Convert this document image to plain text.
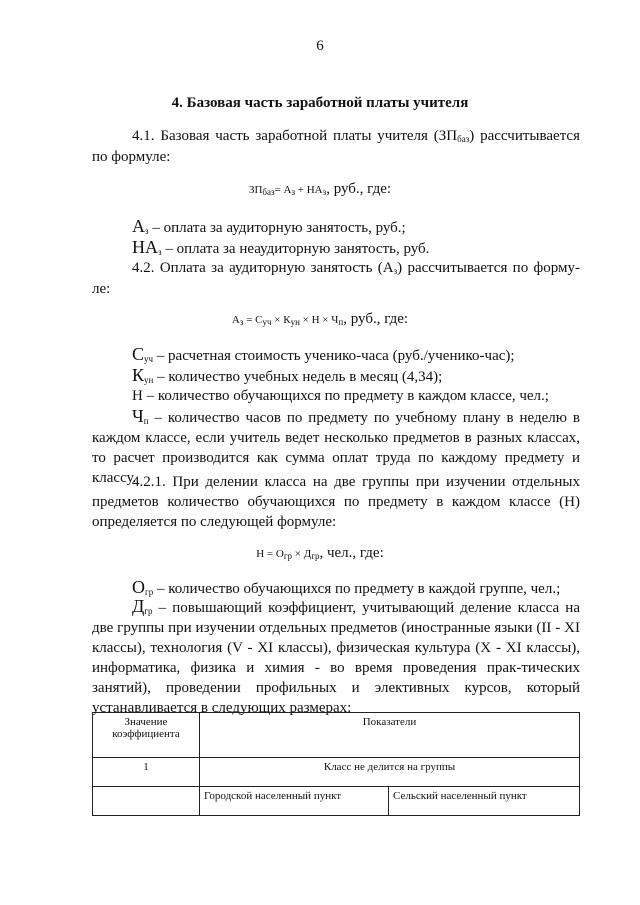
6
4. Базовая часть заработной платы учителя
4.1. Базовая часть заработной платы учителя $(ЗП_{баз})$ рассчитывается по формуле:
$ЗП_{баз}= А_з + НА_з$, руб., где:
$А_з$ – оплата за аудиторную занятость, руб.;
$НА_з$ – оплата за неаудиторную занятость, руб.
4.2. Оплата за аудиторную занятость $(А_з)$ рассчитывается по форму-ле:
$А_з = С_{уч} \times К_{ун} \times Н \times Ч_п$, руб., где:
$С_{уч}$ – расчетная стоимость ученико-часа (руб./ученико-час);
$К_{ун}$ – количество учебных недель в месяц (4,34);
Н – количество обучающихся по предмету в каждом классе, чел.;
$Ч_п$ – количество часов по предмету по учебному плану в неделю в каждом классе, если учитель ведет несколько предметов в разных классах, то расчет производится как сумма оплат труда по каждому предмету и классу.
4.2.1. При делении класса на две группы при изучении отдельных предметов количество обучающихся по предмету в каждом классе (Н) определяется по следующей формуле:
$Н = О_{гр} \times Д_{гр}$, чел., где:
$О_{гр}$ – количество обучающихся по предмету в каждой группе, чел.;
$Д_{гр}$ – повышающий коэффициент, учитывающий деление класса на две группы при изучении отдельных предметов (иностранные языки (II - XI классы), технология (V - XI классы), физическая культура (X - XI классы), информатика, физика и химия - во время проведения прак-тических занятий), проведении профильных и элективных курсов, который устанавливается в следующих размерах:
Значение коэффициента	Показатели	
1	Класс не делится на группы	
	Городской населенный пункт	Сельский населенный пункт
